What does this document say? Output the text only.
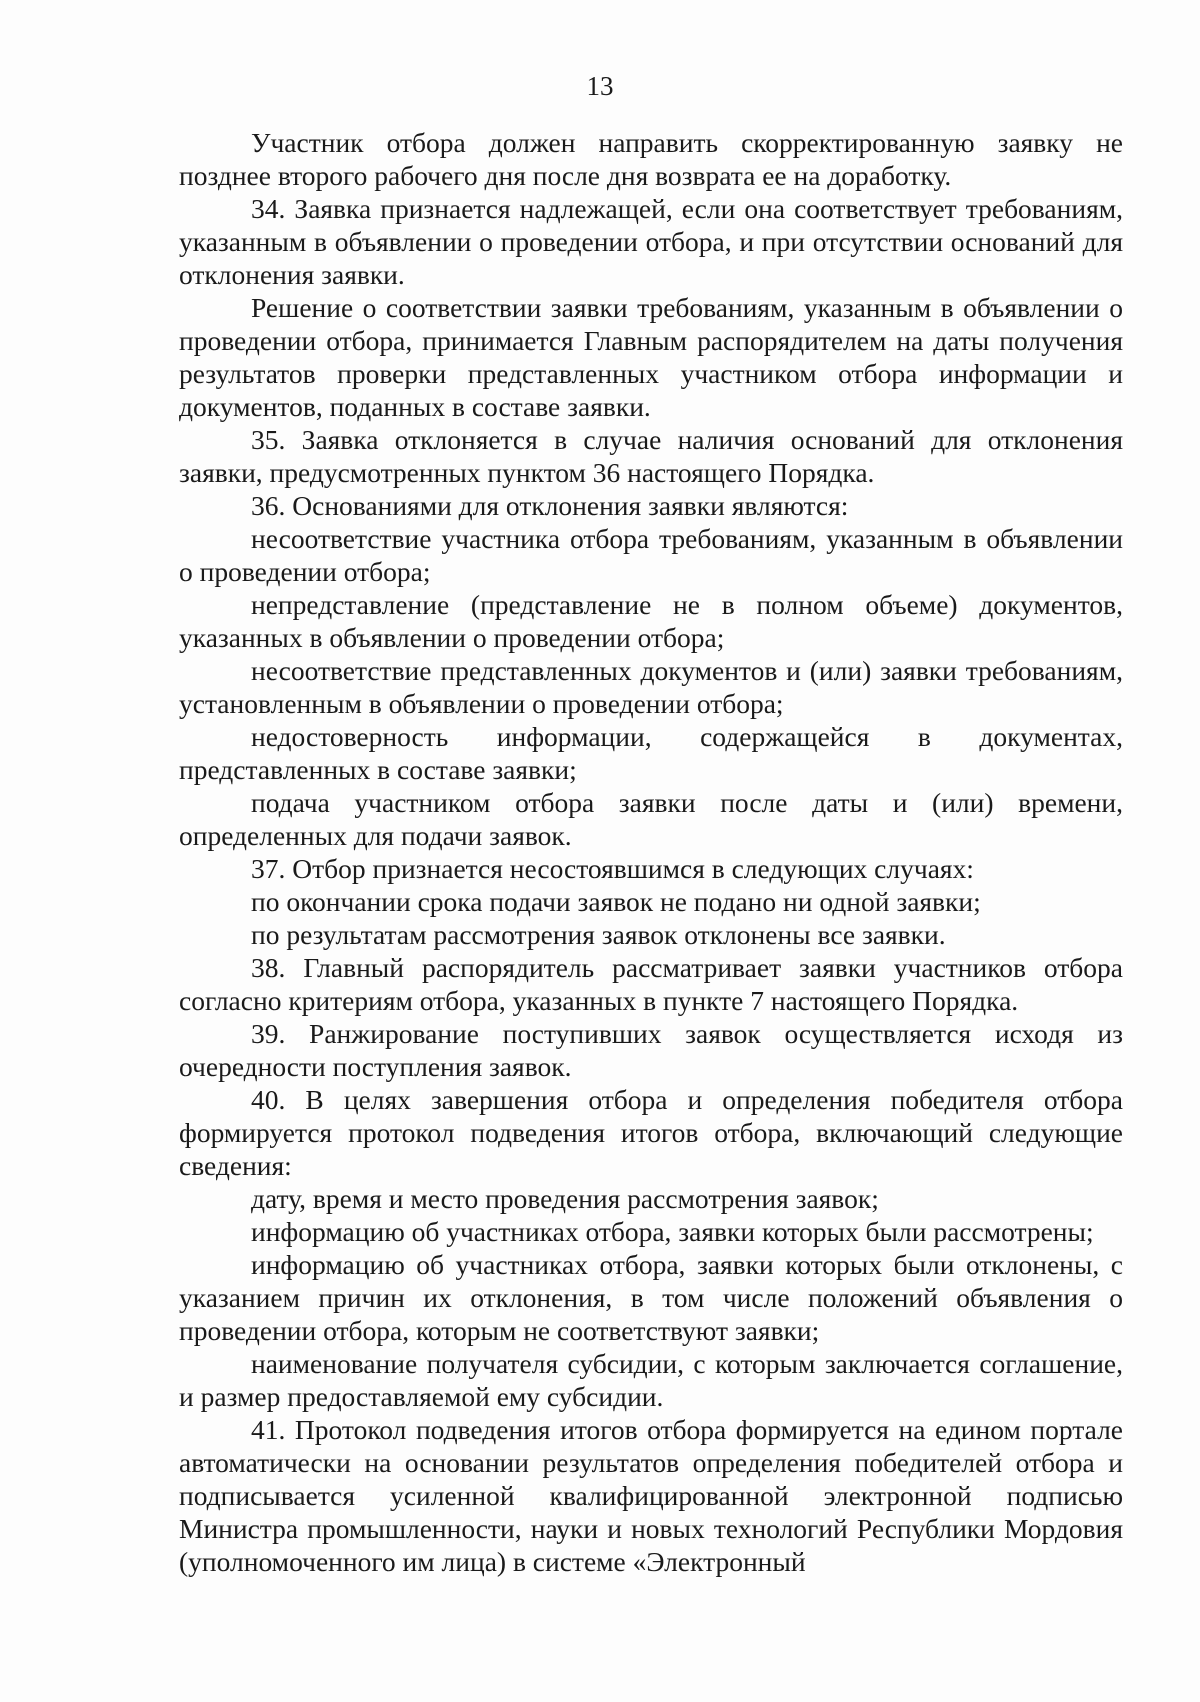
13

Участник отбора должен направить скорректированную заявку не позднее второго рабочего дня после дня возврата ее на доработку.

34. Заявка признается надлежащей, если она соответствует требованиям, указанным в объявлении о проведении отбора, и при отсутствии оснований для отклонения заявки.

Решение о соответствии заявки требованиям, указанным в объявлении о проведении отбора, принимается Главным распорядителем на даты получения результатов проверки представленных участником отбора информации и документов, поданных в составе заявки.

35. Заявка отклоняется в случае наличия оснований для отклонения заявки, предусмотренных пунктом 36 настоящего Порядка.

36. Основаниями для отклонения заявки являются:

несоответствие участника отбора требованиям, указанным в объявлении о проведении отбора;

непредставление (представление не в полном объеме) документов, указанных в объявлении о проведении отбора;

несоответствие представленных документов и (или) заявки требованиям, установленным в объявлении о проведении отбора;

недостоверность информации, содержащейся в документах, представленных в составе заявки;

подача участником отбора заявки после даты и (или) времени, определенных для подачи заявок.

37. Отбор признается несостоявшимся в следующих случаях:

по окончании срока подачи заявок не подано ни одной заявки;

по результатам рассмотрения заявок отклонены все заявки.

38. Главный распорядитель рассматривает заявки участников отбора согласно критериям отбора, указанных в пункте 7 настоящего Порядка.

39. Ранжирование поступивших заявок осуществляется исходя из очередности поступления заявок.

40. В целях завершения отбора и определения победителя отбора формируется протокол подведения итогов отбора, включающий следующие сведения:

дату, время и место проведения рассмотрения заявок;

информацию об участниках отбора, заявки которых были рассмотрены;

информацию об участниках отбора, заявки которых были отклонены, с указанием причин их отклонения, в том числе положений объявления о проведении отбора, которым не соответствуют заявки;

наименование получателя субсидии, с которым заключается соглашение, и размер предоставляемой ему субсидии.

41. Протокол подведения итогов отбора формируется на едином портале автоматически на основании результатов определения победителей отбора и подписывается усиленной квалифицированной электронной подписью Министра промышленности, науки и новых технологий Республики Мордовия (уполномоченного им лица) в системе «Электронный
